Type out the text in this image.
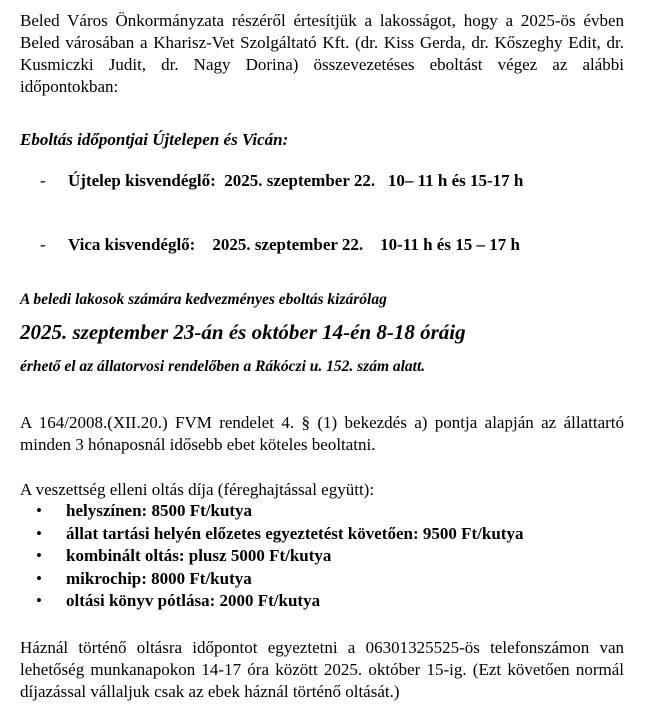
Beled Város Önkormányzata részéről értesítjük a lakosságot, hogy a 2025-ös évben Beled városában a Kharisz-Vet Szolgáltató Kft. (dr. Kiss Gerda, dr. Kőszeghy Edit, dr. Kusmiczki Judit, dr. Nagy Dorina) összevezetéses eboltást végez az alábbi időpontokban:

Eboltás időpontjai Újtelepen és Vicán:

- Újtelep kisvendéglő:  2025. szeptember 22.   10– 11 h és 15-17 h

- Vica kisvendéglő:    2025. szeptember 22.    10-11 h és 15 – 17 h

A beledi lakosok számára kedvezményes eboltás kizárólag

2025. szeptember 23-án és október 14-én 8-18 óráig

érhető el az állatorvosi rendelőben a Rákóczi u. 152. szám alatt.

A 164/2008.(XII.20.) FVM rendelet 4. § (1) bekezdés a) pontja alapján az állattartó minden 3 hónaposnál idősebb ebet köteles beoltatni.

A veszettség elleni oltás díja (féreghajtással együtt):

• helyszínen: 8500 Ft/kutya
• állat tartási helyén előzetes egyeztetést követően: 9500 Ft/kutya
• kombinált oltás: plusz 5000 Ft/kutya
• mikrochip: 8000 Ft/kutya
• oltási könyv pótlása: 2000 Ft/kutya

Háznál történő oltásra időpontot egyeztetni a 06301325525-ös telefonszámon van lehetőség munkanapokon 14-17 óra között 2025. október 15-ig. (Ezt követően normál díjazással vállaljuk csak az ebek háznál történő oltását.)
